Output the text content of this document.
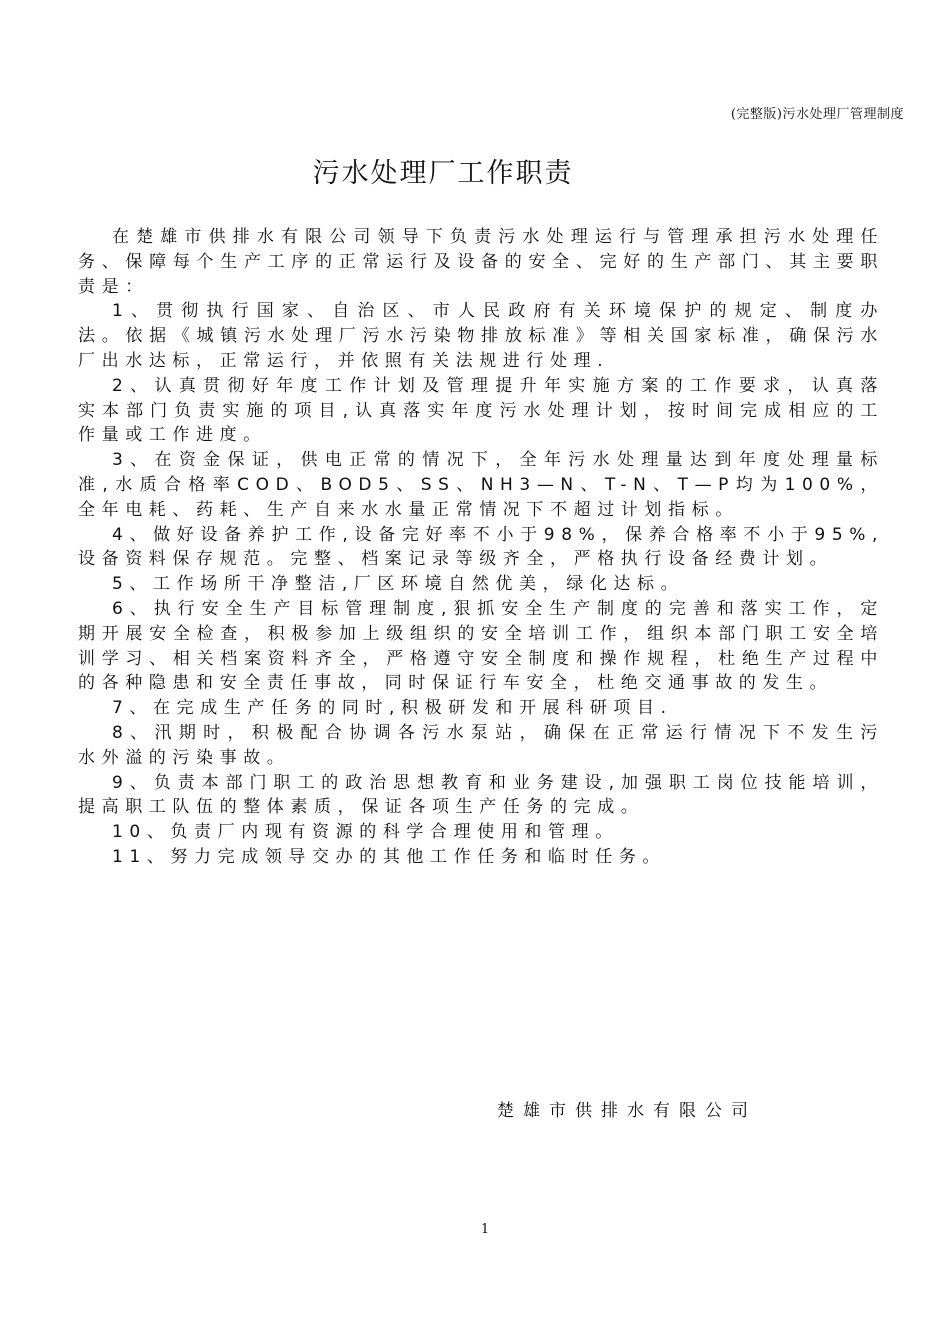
(完整版)污水处理厂管理制度
污水处理厂工作职责

在楚雄市供排水有限公司领导下负责污水处理运行与管理承担污水处理任务、保障每个生产工序的正常运行及设备的安全、完好的生产部门、其主要职责是：

1、贯彻执行国家、自治区、市人民政府有关环境保护的规定、制度办法。依据《城镇污水处理厂污水污染物排放标准》等相关国家标准，确保污水厂出水达标，正常运行，并依照有关法规进行处理.

2、认真贯彻好年度工作计划及管理提升年实施方案的工作要求，认真落实本部门负责实施的项目,认真落实年度污水处理计划，按时间完成相应的工作量或工作进度。

3、在资金保证，供电正常的情况下，全年污水处理量达到年度处理量标准,水质合格率COD、BOD5、SS、NH3—N、T-N、T—P均为100%，全年电耗、药耗、生产自来水水量正常情况下不超过计划指标。

4、做好设备养护工作,设备完好率不小于98%，保养合格率不小于95%,设备资料保存规范。完整、档案记录等级齐全，严格执行设备经费计划。

5、工作场所干净整洁,厂区环境自然优美，绿化达标。

6、执行安全生产目标管理制度,狠抓安全生产制度的完善和落实工作，定期开展安全检查，积极参加上级组织的安全培训工作，组织本部门职工安全培训学习、相关档案资料齐全，严格遵守安全制度和操作规程，杜绝生产过程中的各种隐患和安全责任事故，同时保证行车安全，杜绝交通事故的发生。

7、在完成生产任务的同时,积极研发和开展科研项目.

8、汛期时，积极配合协调各污水泵站，确保在正常运行情况下不发生污水外溢的污染事故。

9、负责本部门职工的政治思想教育和业务建设,加强职工岗位技能培训，提高职工队伍的整体素质，保证各项生产任务的完成。

10、负责厂内现有资源的科学合理使用和管理。

11、努力完成领导交办的其他工作任务和临时任务。

楚雄市供排水有限公司
1
